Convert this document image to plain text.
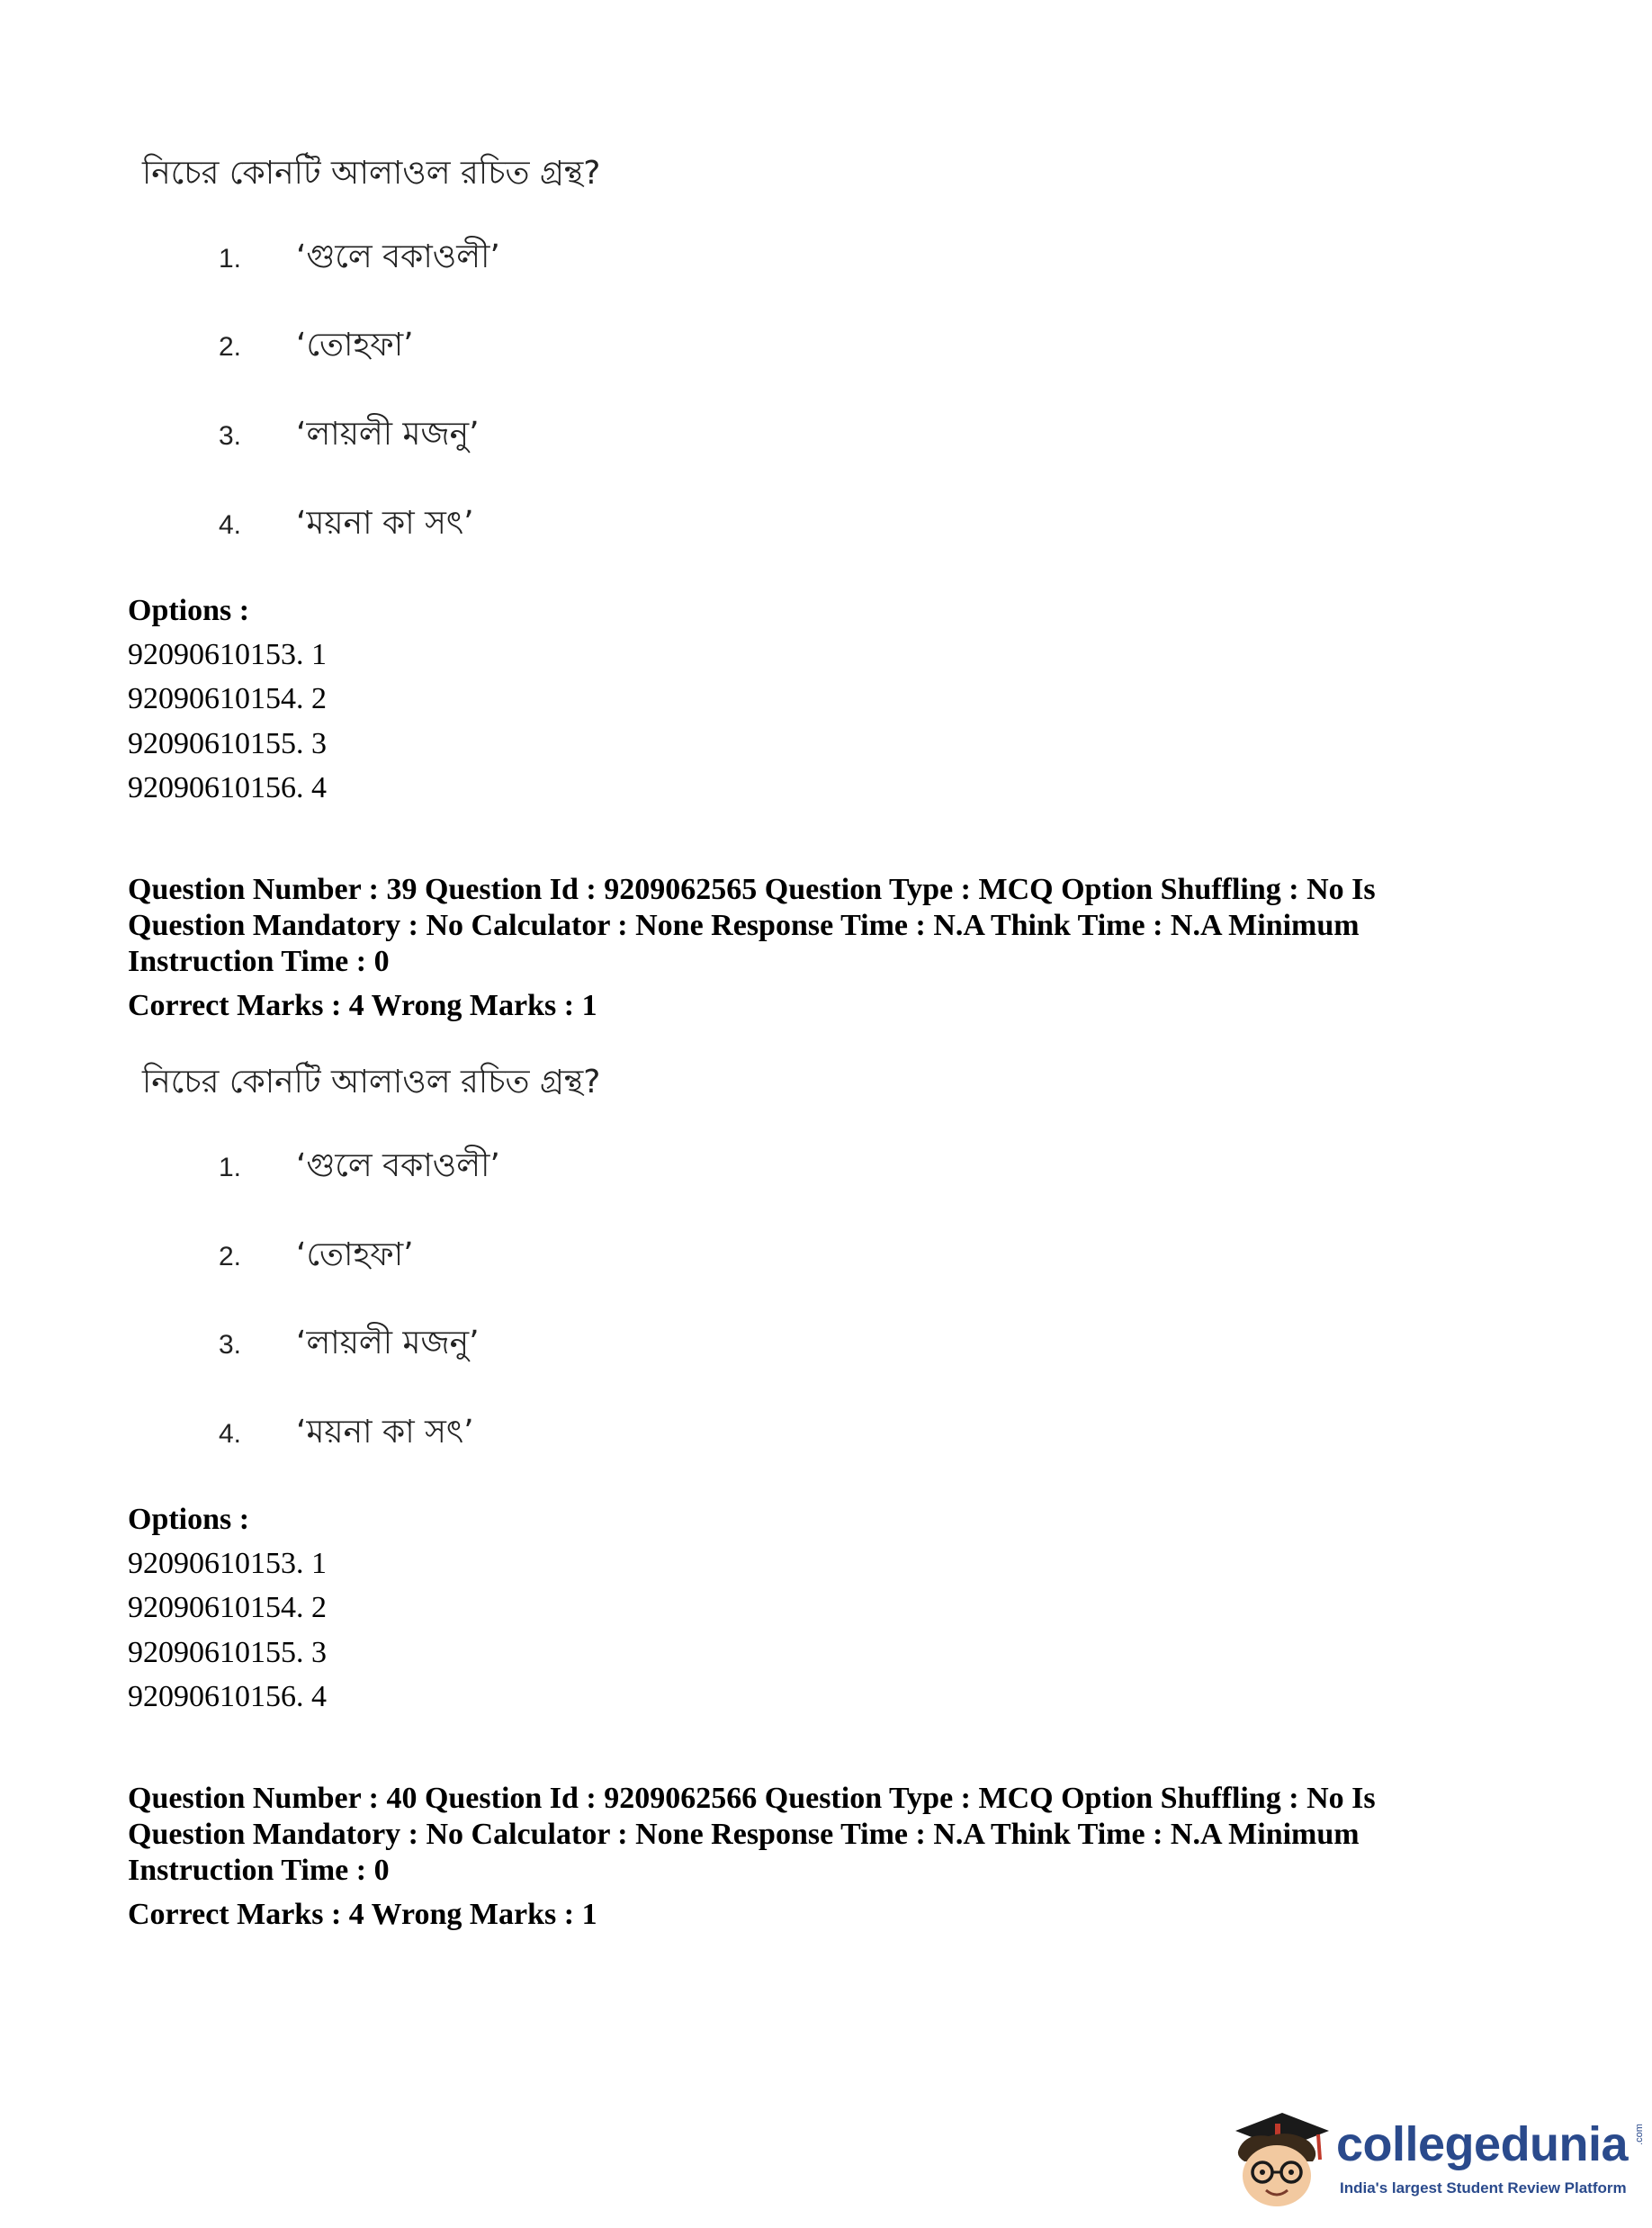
নিচের কোনটি আলাওল রচিত গ্রন্থ?
1. ‘গুলে বকাওলী’
2. ‘তোহফা’
3. ‘লায়লী মজনু’
4. ‘ময়না কা সৎ’
Options :
92090610153. 1
92090610154. 2
92090610155. 3
92090610156. 4
Question Number : 39 Question Id : 9209062565 Question Type : MCQ Option Shuffling : No Is
Question Mandatory : No Calculator : None Response Time : N.A Think Time : N.A Minimum
Instruction Time : 0
Correct Marks : 4 Wrong Marks : 1
নিচের কোনটি আলাওল রচিত গ্রন্থ?
1. ‘গুলে বকাওলী’
2. ‘তোহফা’
3. ‘লায়লী মজনু’
4. ‘ময়না কা সৎ’
Options :
92090610153. 1
92090610154. 2
92090610155. 3
92090610156. 4
Question Number : 40 Question Id : 9209062566 Question Type : MCQ Option Shuffling : No Is
Question Mandatory : No Calculator : None Response Time : N.A Think Time : N.A Minimum
Instruction Time : 0
Correct Marks : 4 Wrong Marks : 1
collegedunia .com
India's largest Student Review Platform
